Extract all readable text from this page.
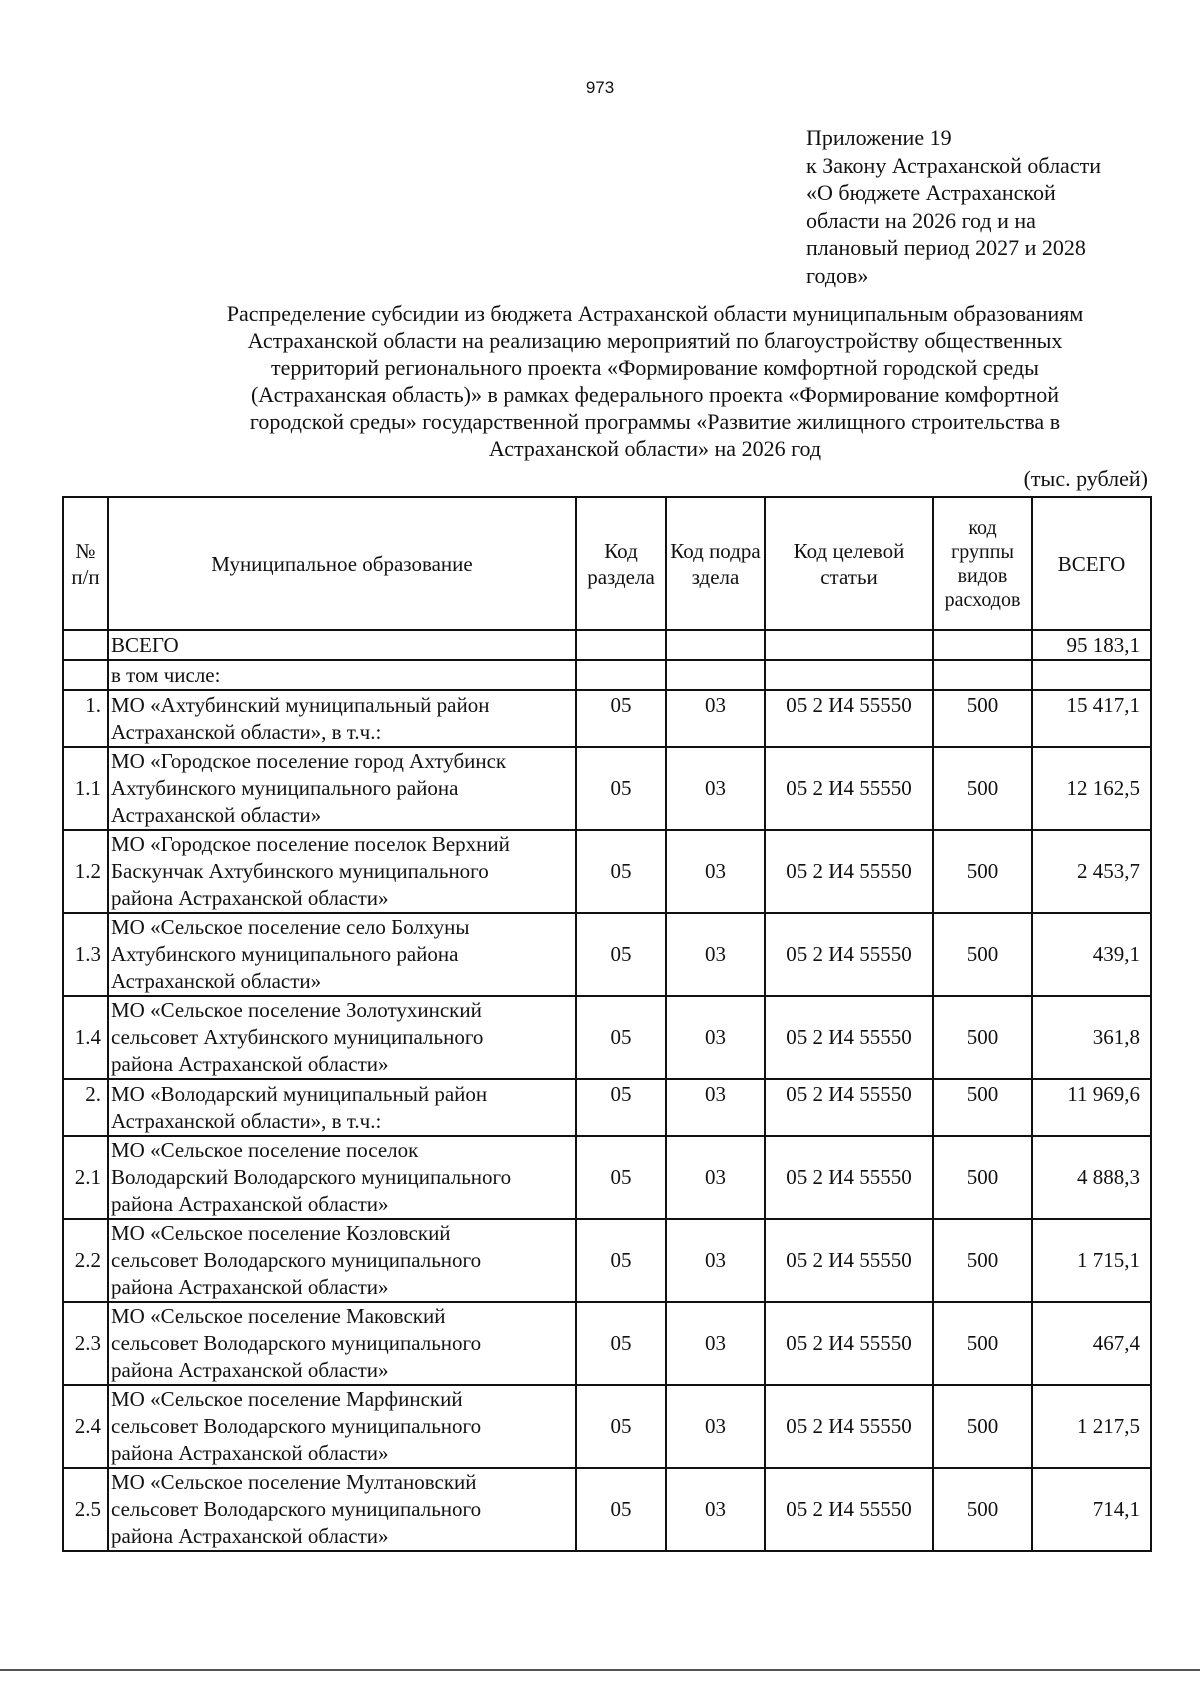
973
Приложение 19
к Закону Астраханской области
«О бюджете Астраханской
области на 2026 год и на
плановый период 2027 и 2028
годов»
Распределение субсидии из бюджета Астраханской области муниципальным образованиям
Астраханской области на реализацию мероприятий по благоустройству общественных
территорий регионального проекта «Формирование комфортной городской среды
(Астраханская область)» в рамках федерального проекта «Формирование комфортной
городской среды» государственной программы «Развитие жилищного строительства в
Астраханской области» на 2026 год
(тыс. рублей)
№ п/п	Муниципальное образование	Код раздела	Код подраздела	Код целевой статьи	код группы видов расходов	ВСЕГО
	ВСЕГО					95 183,1
	в том числе:					
1.	МО «Ахтубинский муниципальный район
Астраханской области», в т.ч.:	05	03	05 2 И4 55550	500	15 417,1
1.1	МО «Городское поселение город Ахтубинск
Ахтубинского муниципального района
Астраханской области»	05	03	05 2 И4 55550	500	12 162,5
1.2	МО «Городское поселение поселок Верхний
Баскунчак Ахтубинского муниципального
района Астраханской области»	05	03	05 2 И4 55550	500	2 453,7
1.3	МО «Сельское поселение село Болхуны
Ахтубинского муниципального района
Астраханской области»	05	03	05 2 И4 55550	500	439,1
1.4	МО «Сельское поселение Золотухинский
сельсовет Ахтубинского муниципального
района Астраханской области»	05	03	05 2 И4 55550	500	361,8
2.	МО «Володарский муниципальный район
Астраханской области», в т.ч.:	05	03	05 2 И4 55550	500	11 969,6
2.1	МО «Сельское поселение поселок
Володарский Володарского муниципального
района Астраханской области»	05	03	05 2 И4 55550	500	4 888,3
2.2	МО «Сельское поселение Козловский
сельсовет Володарского муниципального
района Астраханской области»	05	03	05 2 И4 55550	500	1 715,1
2.3	МО «Сельское поселение Маковский
сельсовет Володарского муниципального
района Астраханской области»	05	03	05 2 И4 55550	500	467,4
2.4	МО «Сельское поселение Марфинский
сельсовет Володарского муниципального
района Астраханской области»	05	03	05 2 И4 55550	500	1 217,5
2.5	МО «Сельское поселение Мултановский
сельсовет Володарского муниципального
района Астраханской области»	05	03	05 2 И4 55550	500	714,1
